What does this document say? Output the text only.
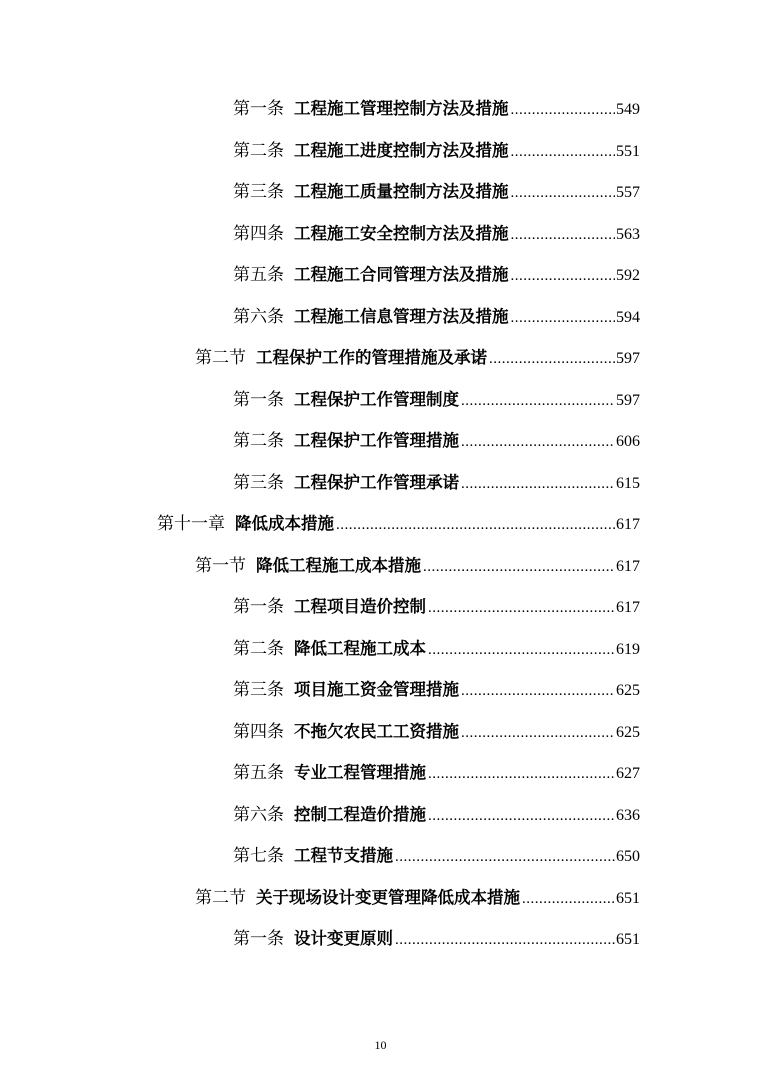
第一条 工程施工管理控制方法及措施 .....	549
第二条 工程施工进度控制方法及措施 .....	551
第三条 工程施工质量控制方法及措施 .....	557
第四条 工程施工安全控制方法及措施 .....	563
第五条 工程施工合同管理方法及措施 .....	592
第六条 工程施工信息管理方法及措施 .....	594
第二节 工程保护工作的管理措施及承诺 .....	597
第一条 工程保护工作管理制度 .....	597
第二条 工程保护工作管理措施 .....	606
第三条 工程保护工作管理承诺 .....	615
第十一章 降低成本措施 .....	617
第一节 降低工程施工成本措施 .....	617
第一条 工程项目造价控制 .....	617
第二条 降低工程施工成本 .....	619
第三条 项目施工资金管理措施 .....	625
第四条 不拖欠农民工工资措施 .....	625
第五条 专业工程管理措施 .....	627
第六条 控制工程造价措施 .....	636
第七条 工程节支措施 .....	650
第二节 关于现场设计变更管理降低成本措施 .....	651
第一条 设计变更原则 .....	651
10
